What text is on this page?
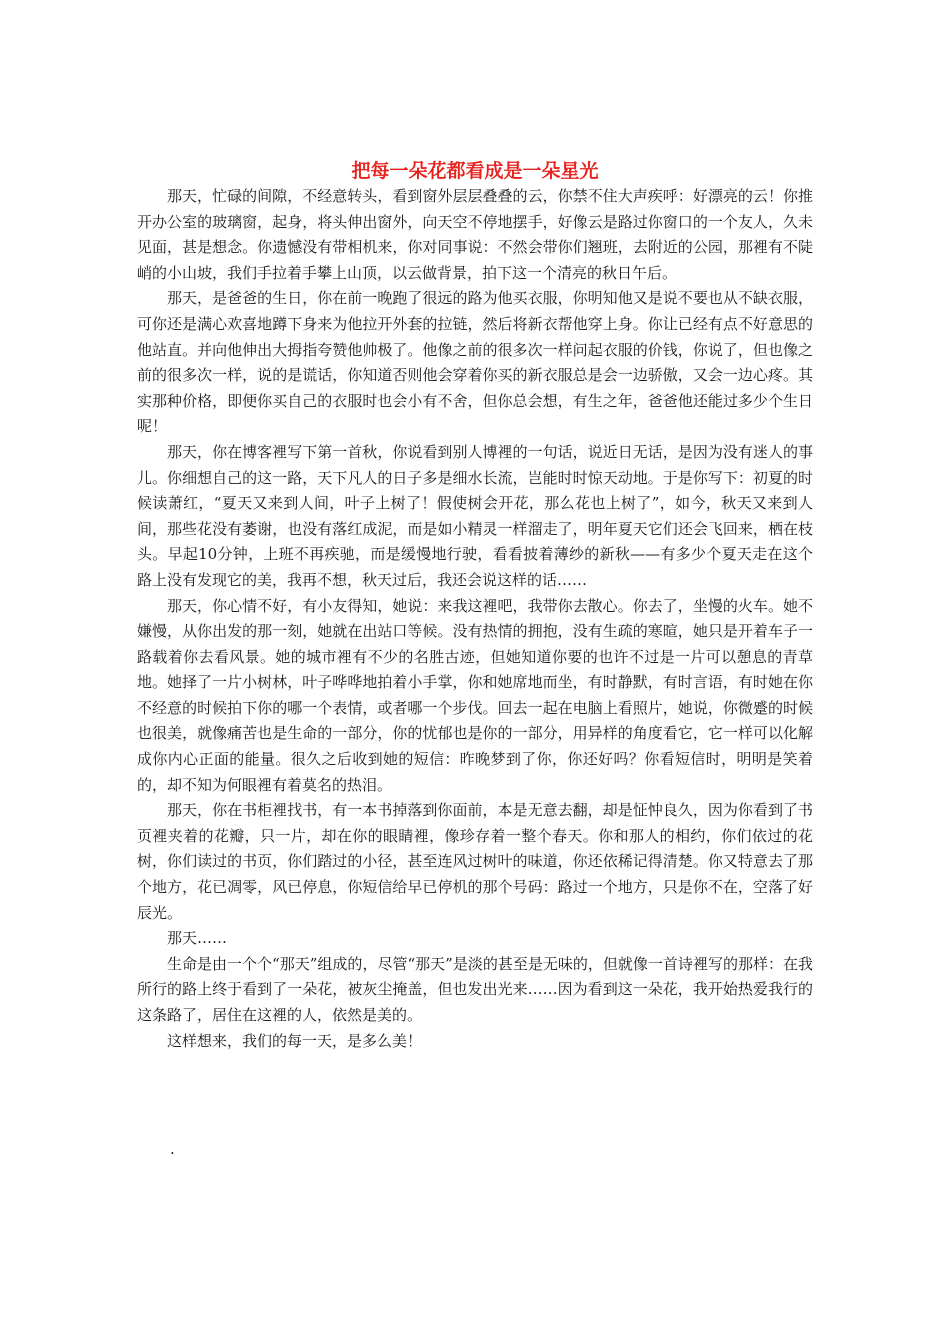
把每一朵花都看成是一朵星光

那天，忙碌的间隙，不经意转头，看到窗外层层叠叠的云，你禁不住大声疾呼：好漂亮的云！你推开办公室的玻璃窗，起身，将头伸出窗外，向天空不停地摆手，好像云是路过你窗口的一个友人，久未见面，甚是想念。你遗憾没有带相机来，你对同事说：不然会带你们翘班，去附近的公园，那裡有不陡峭的小山坡，我们手拉着手攀上山顶，以云做背景，拍下这一个清亮的秋日午后。

那天，是爸爸的生日，你在前一晚跑了很远的路为他买衣服，你明知他又是说不要也从不缺衣服，可你还是满心欢喜地蹲下身来为他拉开外套的拉链，然后将新衣帮他穿上身。你让已经有点不好意思的他站直。并向他伸出大拇指夸赞他帅极了。他像之前的很多次一样问起衣服的价钱，你说了，但也像之前的很多次一样，说的是谎话，你知道否则他会穿着你买的新衣服总是会一边骄傲，又会一边心疼。其实那种价格，即便你买自己的衣服时也会小有不舍，但你总会想，有生之年，爸爸他还能过多少个生日呢！

那天，你在博客裡写下第一首秋，你说看到别人博裡的一句话，说近日无话，是因为没有迷人的事儿。你细想自己的这一路，天下凡人的日子多是细水长流，岂能时时惊天动地。于是你写下：初夏的时候读萧红，“夏天又来到人间，叶子上树了！假使树会开花，那么花也上树了”，如今，秋天又来到人间，那些花没有萎谢，也没有落红成泥，而是如小精灵一样溜走了，明年夏天它们还会飞回来，栖在枝头。早起10分钟，上班不再疾驰，而是缓慢地行驶，看看披着薄纱的新秋——有多少个夏天走在这个路上没有发现它的美，我再不想，秋天过后，我还会说这样的话……

那天，你心情不好，有小友得知，她说：来我这裡吧，我带你去散心。你去了，坐慢的火车。她不嫌慢，从你出发的那一刻，她就在出站口等候。没有热情的拥抱，没有生疏的寒暄，她只是开着车子一路载着你去看风景。她的城市裡有不少的名胜古迹，但她知道你要的也许不过是一片可以憩息的青草地。她择了一片小树林，叶子哗哗地拍着小手掌，你和她席地而坐，有时静默，有时言语，有时她在你不经意的时候拍下你的哪一个表情，或者哪一个步伐。回去一起在电脑上看照片，她说，你微蹙的时候也很美，就像痛苦也是生命的一部分，你的忧郁也是你的一部分，用异样的角度看它，它一样可以化解成你内心正面的能量。很久之后收到她的短信：昨晚梦到了你，你还好吗？你看短信时，明明是笑着的，却不知为何眼裡有着莫名的热泪。

那天，你在书柜裡找书，有一本书掉落到你面前，本是无意去翻，却是怔忡良久，因为你看到了书页裡夹着的花瓣，只一片，却在你的眼睛裡，像珍存着一整个春天。你和那人的相约，你们依过的花树，你们读过的书页，你们踏过的小径，甚至连风过树叶的味道，你还依稀记得清楚。你又特意去了那个地方，花已凋零，风已停息，你短信给早已停机的那个号码：路过一个地方，只是你不在，空落了好辰光。

那天……

生命是由一个个“那天”组成的，尽管“那天”是淡的甚至是无味的，但就像一首诗裡写的那样：在我所行的路上终于看到了一朵花，被灰尘掩盖，但也发出光来……因为看到这一朵花，我开始热爱我行的这条路了，居住在这裡的人，依然是美的。

这样想来，我们的每一天，是多么美！

.
